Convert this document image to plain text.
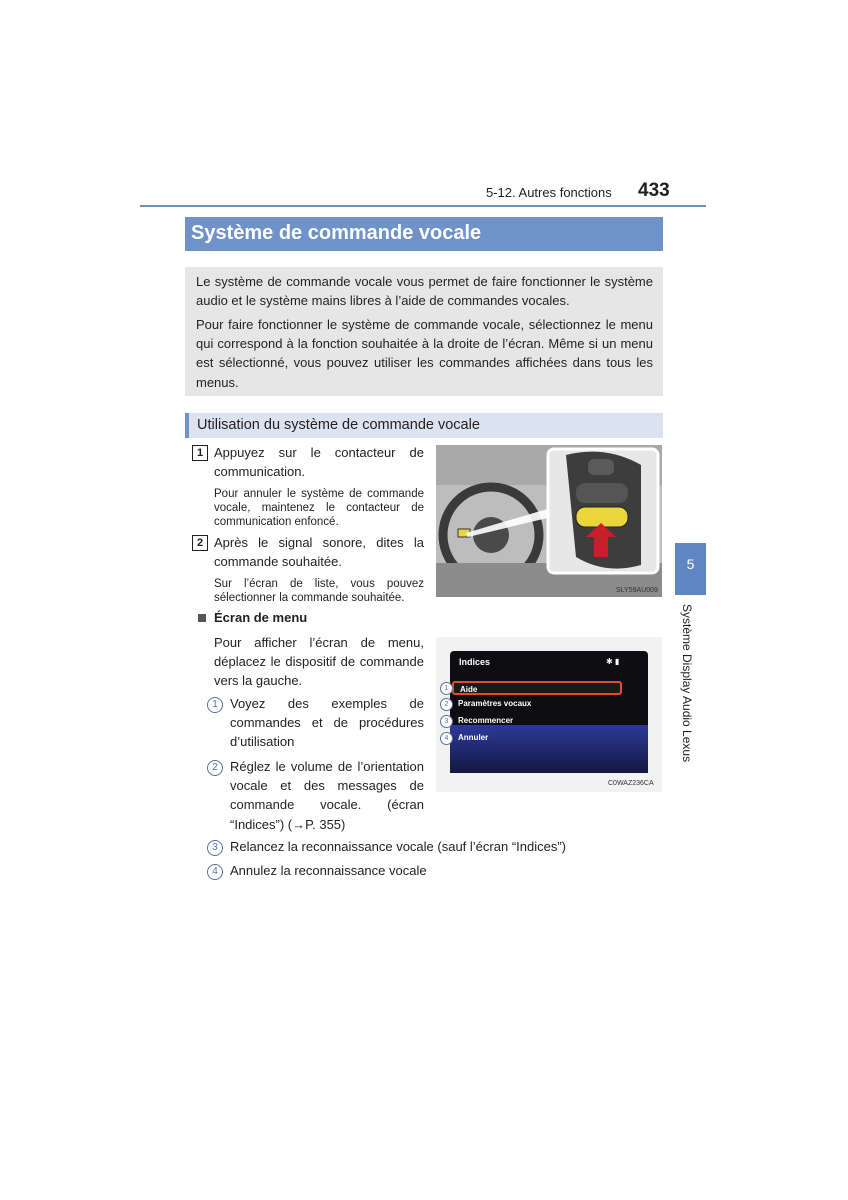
5-12. Autres fonctions 433
5
Système Display Audio Lexus
Système de commande vocale

Le système de commande vocale vous permet de faire fonctionner le système audio et le système mains libres à l’aide de commandes vocales.

Pour faire fonctionner le système de commande vocale, sélectionnez le menu qui correspond à la fonction souhaitée à la droite de l’écran. Même si un menu est sélectionné, vous pouvez utiliser les commandes affichées dans tous les menus.

Utilisation du système de commande vocale
1 Appuyez sur le contacteur de communication.

Pour annuler le système de commande vocale, maintenez le contacteur de communication enfoncé.

2 Après le signal sonore, dites la commande souhaitée.

Sur l’écran de liste, vous pouvez sélectionner la commande souhaitée.

Écran de menu

Pour afficher l’écran de menu, déplacez le dispositif de commande vers la gauche.

1 Voyez des exemples de commandes et de procédures d’utilisation

2 Réglez le volume de l’orientation vocale et des messages de commande vocale. (écran “Indices”) (→P. 355)

3 Relancez la reconnaissance vocale (sauf l’écran “Indices”)

4 Annulez la reconnaissance vocale

SLY59AU009
✱ ▮
C0WAZ236CA
Indices
Aide
Paramètres vocaux
Recommencer
Annuler
1
2
3
4
